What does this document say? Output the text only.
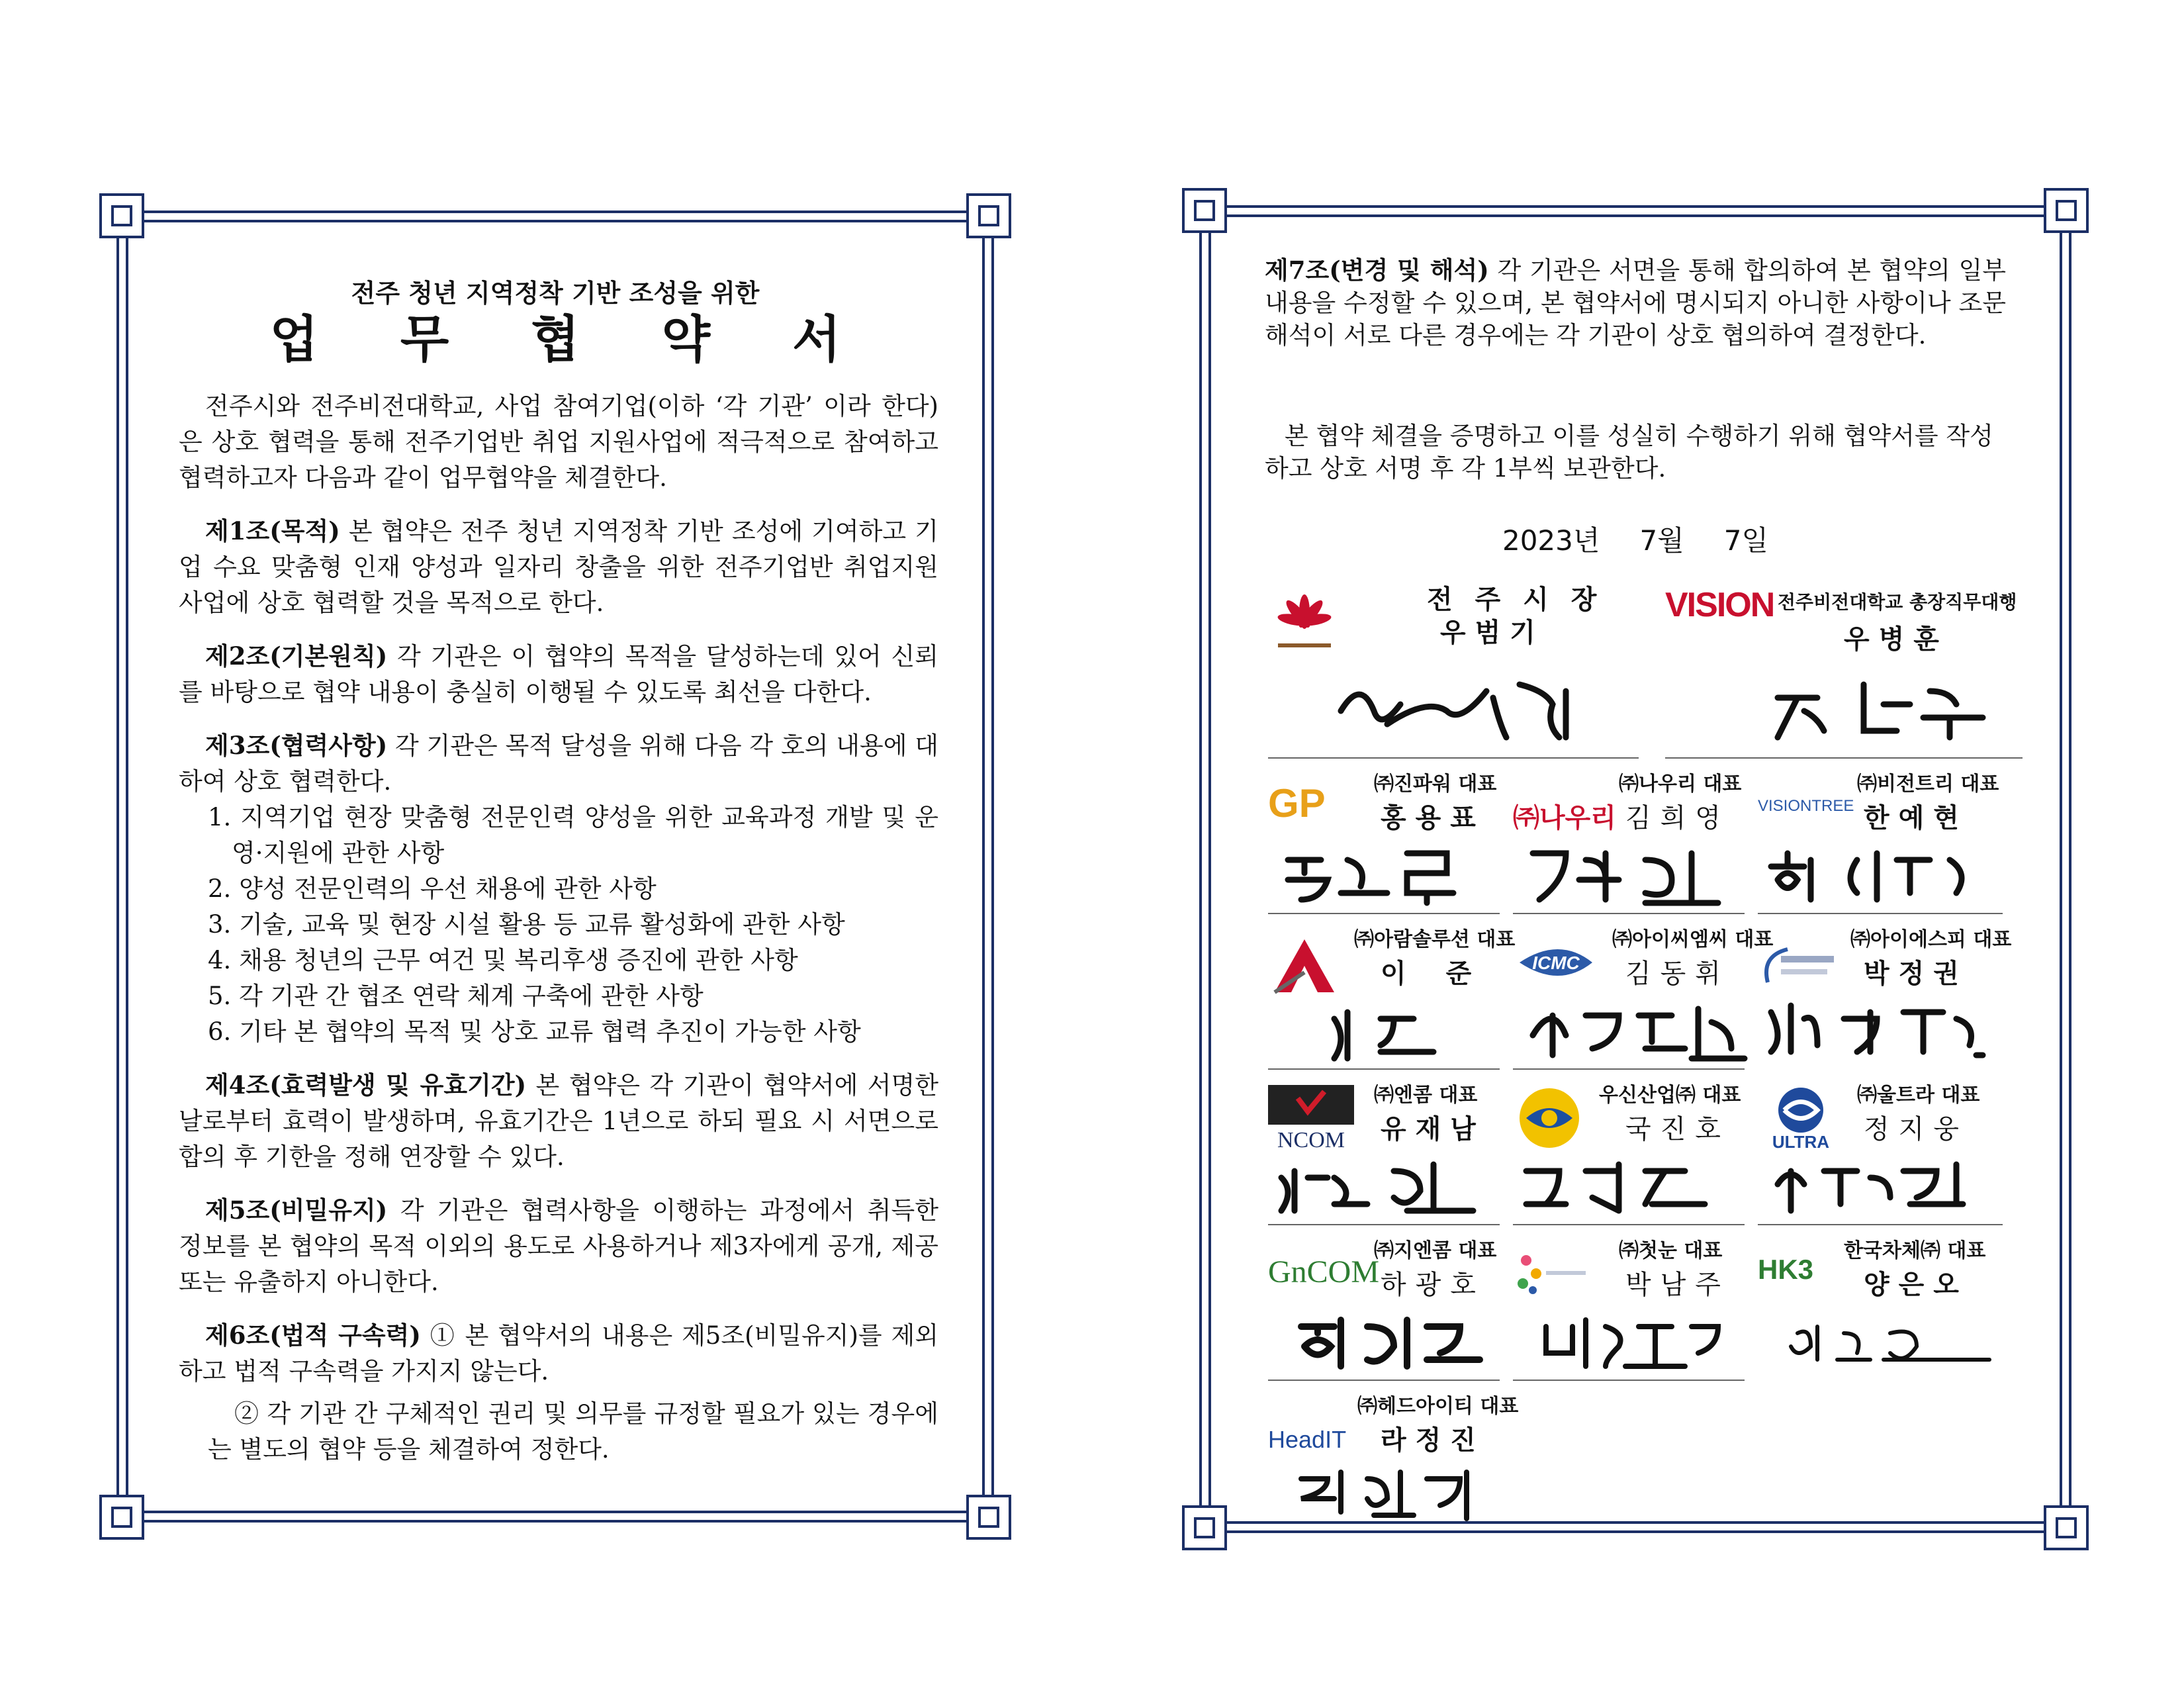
전주 청년 지역정착 기반 조성을 위한
업 무 협 약 서
전주시와 전주비전대학교, 사업 참여기업(이하 ‘각 기관’ 이라 한다)은 상호 협력을 통해 전주기업반 취업 지원사업에 적극적으로 참여하고 협력하고자 다음과 같이 업무협약을 체결한다.
제1조(목적) 본 협약은 전주 청년 지역정착 기반 조성에 기여하고 기업 수요 맞춤형 인재 양성과 일자리 창출을 위한 전주기업반 취업지원 사업에 상호 협력할 것을 목적으로 한다.
제2조(기본원칙) 각 기관은 이 협약의 목적을 달성하는데 있어 신뢰를 바탕으로 협약 내용이 충실히 이행될 수 있도록 최선을 다한다.
제3조(협력사항) 각 기관은 목적 달성을 위해 다음 각 호의 내용에 대하여 상호 협력한다.
1. 지역기업 현장 맞춤형 전문인력 양성을 위한 교육과정 개발 및 운영·지원에 관한 사항
2. 양성 전문인력의 우선 채용에 관한 사항
3. 기술, 교육 및 현장 시설 활용 등 교류 활성화에 관한 사항
4. 채용 청년의 근무 여건 및 복리후생 증진에 관한 사항
5. 각 기관 간 협조 연락 체계 구축에 관한 사항
6. 기타 본 협약의 목적 및 상호 교류 협력 추진이 가능한 사항
제4조(효력발생 및 유효기간) 본 협약은 각 기관이 협약서에 서명한 날로부터 효력이 발생하며, 유효기간은 1년으로 하되 필요 시 서면으로 합의 후 기한을 정해 연장할 수 있다.
제5조(비밀유지) 각 기관은 협력사항을 이행하는 과정에서 취득한 정보를 본 협약의 목적 이외의 용도로 사용하거나 제3자에게 공개, 제공 또는 유출하지 아니한다.
제6조(법적 구속력) ① 본 협약서의 내용은 제5조(비밀유지)를 제외하고 법적 구속력을 가지지 않는다.
② 각 기관 간 구체적인 권리 및 의무를 규정할 필요가 있는 경우에는 별도의 협약 등을 체결하여 정한다.
제7조(변경 및 해석) 각 기관은 서면을 통해 합의하여 본 협약의 일부 내용을 수정할 수 있으며, 본 협약서에 명시되지 아니한 사항이나 조문 해석이 서로 다른 경우에는 각 기관이 상호 협의하여 결정한다.
본 협약 체결을 증명하고 이를 성실히 수행하기 위해 협약서를 작성하고 상호 서명 후 각 1부씩 보관한다.
2023년 7월 7일
전 주 시 장
우범기
VISION 전주비전대학교 총장직무대행
우병훈
GP ㈜진파워 대표
홍용표 ㈜나우리
㈜나우리 대표
김희영 VISIONTREE
㈜비전트리 대표
한예현
㈜아람솔루션 대표
이준 ICMC
㈜아이씨엠씨 대표
김동휘
㈜아이에스피 대표
박정권
NCOM
㈜엔콤 대표
유재남
우신산업㈜ 대표
국진호 ULTRA
㈜울트라 대표
정지웅
GnCOM
㈜지엔콤 대표
하광호
㈜첫눈 대표
박남주 HK3
한국차체㈜ 대표
양은오
HeadIT
㈜헤드아이티 대표
라정진
